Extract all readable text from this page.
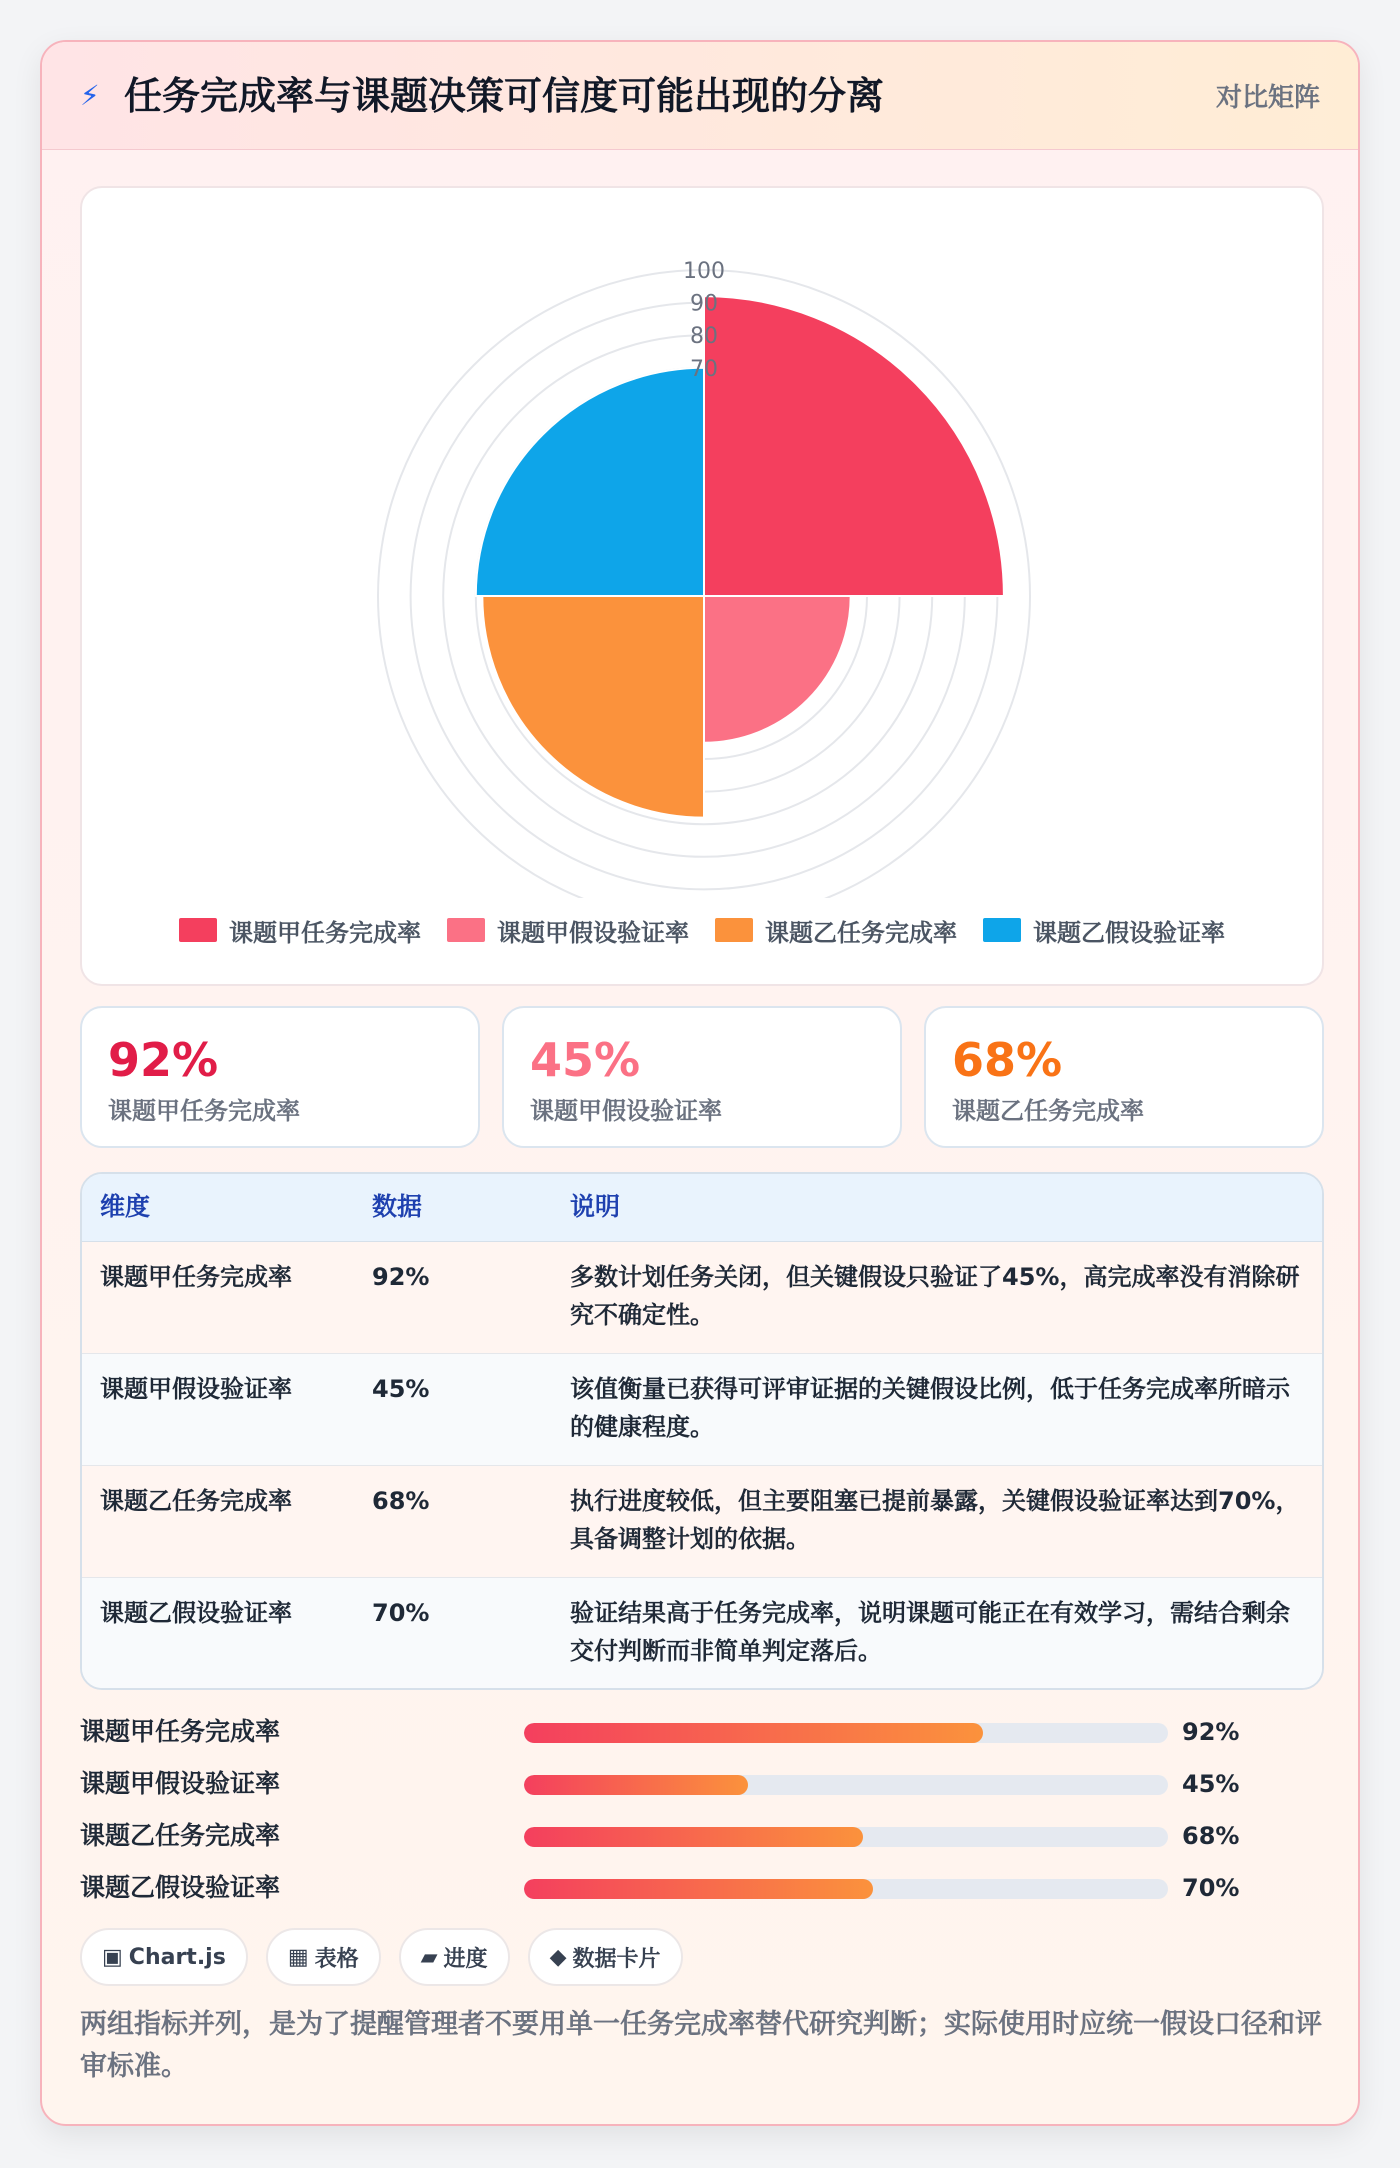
⚡ 任务完成率与课题决策可信度可能出现的分离	对比矩阵
100
90
80
70
课题甲任务完成率	课题甲假设验证率	课题乙任务完成率	课题乙假设验证率
92%
课题甲任务完成率
45%
课题甲假设验证率
68%
课题乙任务完成率
维度	数据	说明
课题甲任务完成率	92%	多数计划任务关闭，但关键假设只验证了45%，高完成率没有消除研究不确定性。
课题甲假设验证率	45%	该值衡量已获得可评审证据的关键假设比例，低于任务完成率所暗示的健康程度。
课题乙任务完成率	68%	执行进度较低，但主要阻塞已提前暴露，关键假设验证率达到70%，具备调整计划的依据。
课题乙假设验证率	70%	验证结果高于任务完成率，说明课题可能正在有效学习，需结合剩余交付判断而非简单判定落后。
课题甲任务完成率	92%
课题甲假设验证率	45%
课题乙任务完成率	68%
课题乙假设验证率	70%
▣ Chart.js	▦ 表格	▰ 进度	◆ 数据卡片
两组指标并列，是为了提醒管理者不要用单一任务完成率替代研究判断；实际使用时应统一假设口径和评审标准。
